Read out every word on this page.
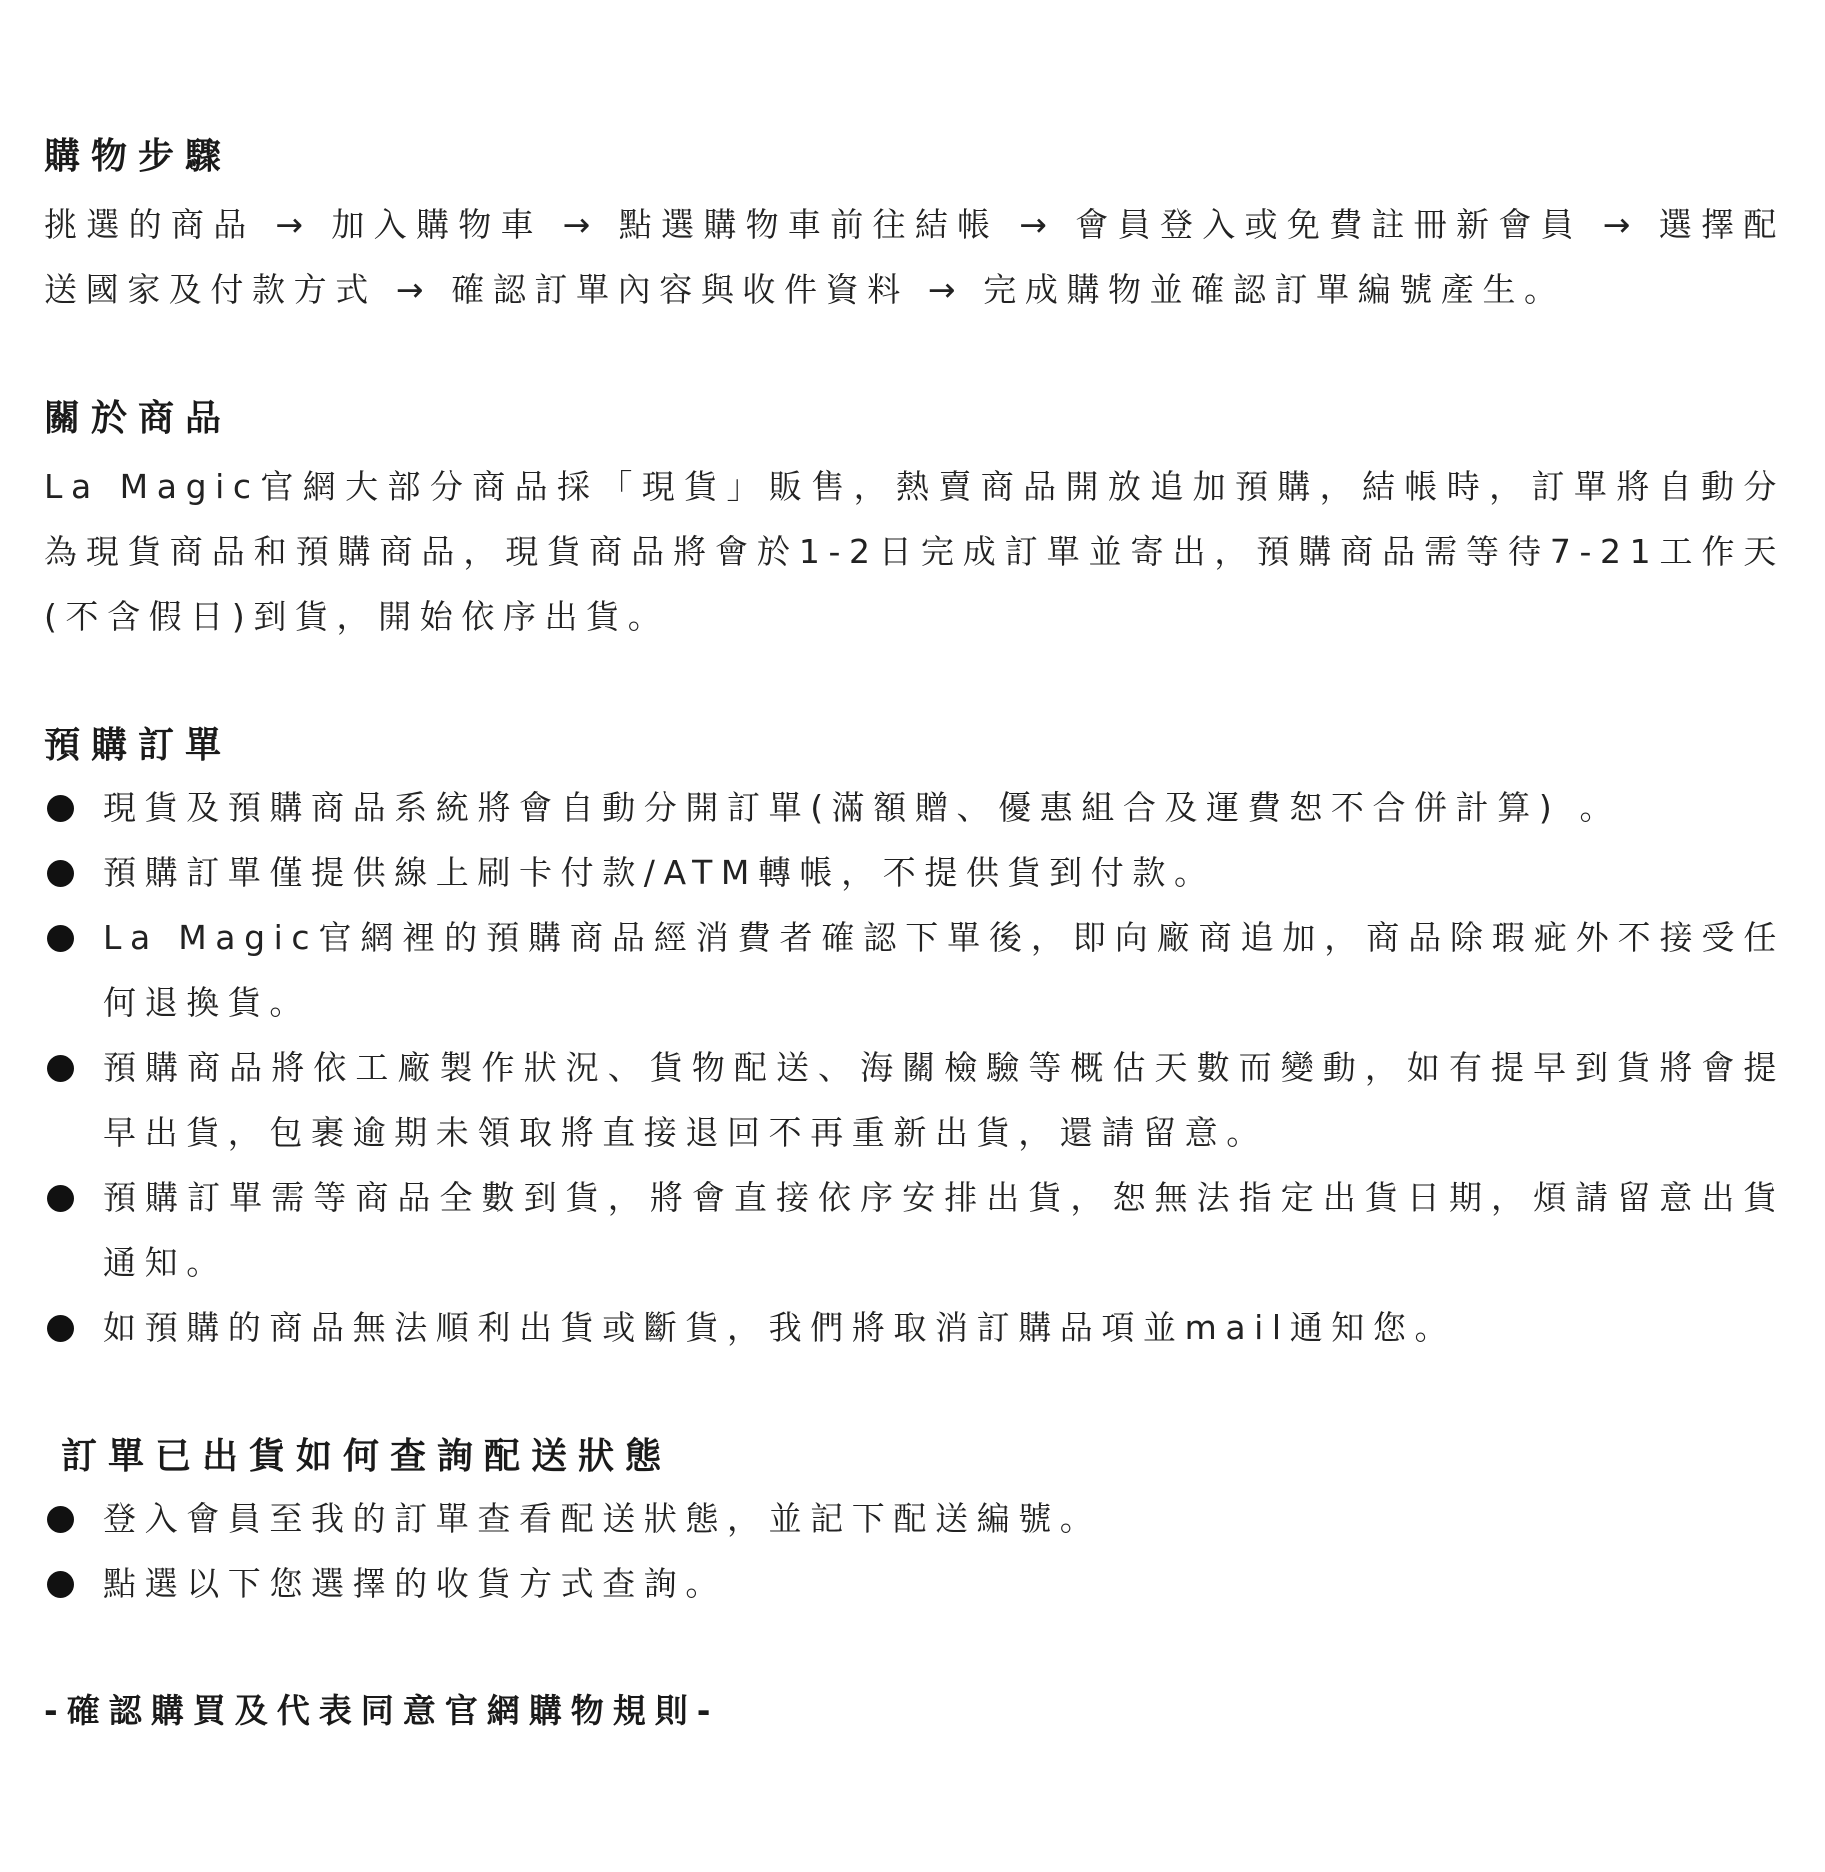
購物步驟

挑選的商品 → 加入購物車 → 點選購物車前往結帳 → 會員登入或免費註冊新會員 → 選擇配送國家及付款方式 → 確認訂單內容與收件資料 → 完成購物並確認訂單編號產生。

關於商品

La Magic官網大部分商品採「現貨」販售，熱賣商品開放追加預購，結帳時，訂單將自動分為現貨商品和預購商品，現貨商品將會於1-2日完成訂單並寄出，預購商品需等待7-21工作天(不含假日)到貨，開始依序出貨。

預購訂單
現貨及預購商品系統將會自動分開訂單(滿額贈、優惠組合及運費恕不合併計算) 。
預購訂單僅提供線上刷卡付款/ATM轉帳，不提供貨到付款。
La Magic官網裡的預購商品經消費者確認下單後，即向廠商追加，商品除瑕疵外不接受任何退換貨。
預購商品將依工廠製作狀況、貨物配送、海關檢驗等概估天數而變動，如有提早到貨將會提早出貨，包裹逾期未領取將直接退回不再重新出貨，還請留意。
預購訂單需等商品全數到貨，將會直接依序安排出貨，恕無法指定出貨日期，煩請留意出貨通知。
如預購的商品無法順利出貨或斷貨，我們將取消訂購品項並mail通知您。
訂單已出貨如何查詢配送狀態
登入會員至我的訂單查看配送狀態，並記下配送編號。
點選以下您選擇的收貨方式查詢。
-確認購買及代表同意官網購物規則-
